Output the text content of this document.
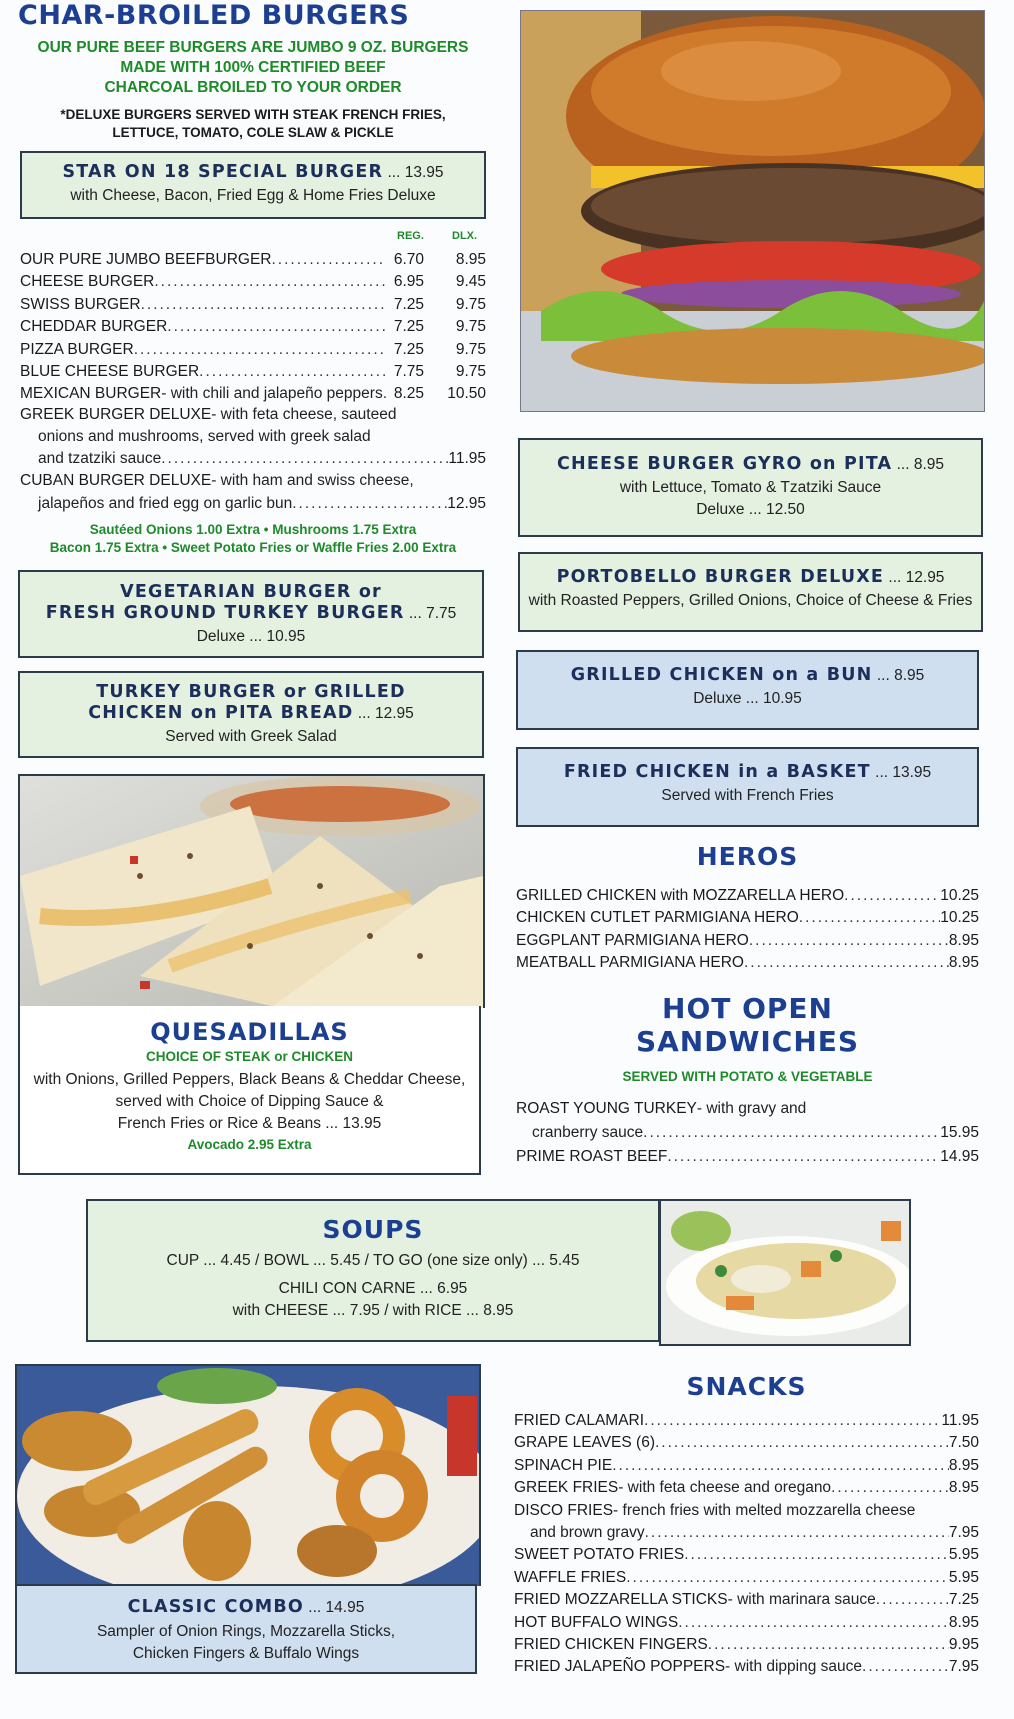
CHAR-BROILED BURGERS
OUR PURE BEEF BURGERS ARE JUMBO 9 OZ. BURGERS
MADE WITH 100% CERTIFIED BEEF
CHARCOAL BROILED TO YOUR ORDER
*DELUXE BURGERS SERVED WITH STEAK FRENCH FRIES,
LETTUCE, TOMATO, COLE SLAW & PICKLE
STAR ON 18 SPECIAL BURGER ... 13.95
with Cheese, Bacon, Fried Egg & Home Fries Deluxe
REG.	DLX.
OUR PURE JUMBO BEEFBURGER .....	6.70	8.95
CHEESE BURGER .....	6.95	9.45
SWISS BURGER .....	7.25	9.75
CHEDDAR BURGER .....	7.25	9.75
PIZZA BURGER .....	7.25	9.75
BLUE CHEESE BURGER .....	7.75	9.75
MEXICAN BURGER - with chili and jalapeño peppers ..... 8.25	10.50
GREEK BURGER DELUXE - with feta cheese, sauteed
onions and mushrooms, served with greek salad
and tzatziki sauce .....	11.95
CUBAN BURGER DELUXE - with ham and swiss cheese,
jalapeños and fried egg on garlic bun .....	12.95
Sautéed Onions 1.00 Extra • Mushrooms 1.75 Extra
Bacon 1.75 Extra • Sweet Potato Fries or Waffle Fries 2.00 Extra
VEGETARIAN BURGER or
FRESH GROUND TURKEY BURGER ... 7.75
Deluxe ... 10.95
TURKEY BURGER or GRILLED
CHICKEN on PITA BREAD ... 12.95
Served with Greek Salad
QUESADILLAS
CHOICE OF STEAK or CHICKEN
with Onions, Grilled Peppers, Black Beans & Cheddar Cheese,
served with Choice of Dipping Sauce &
French Fries or Rice & Beans ... 13.95
Avocado 2.95 Extra
CHEESE BURGER GYRO on PITA ... 8.95
with Lettuce, Tomato & Tzatziki Sauce
Deluxe ... 12.50
PORTOBELLO BURGER DELUXE ... 12.95
with Roasted Peppers, Grilled Onions, Choice of Cheese & Fries
GRILLED CHICKEN on a BUN ... 8.95
Deluxe ... 10.95
FRIED CHICKEN in a BASKET ... 13.95
Served with French Fries
HEROS
GRILLED CHICKEN with MOZZARELLA HERO .....	10.25
CHICKEN CUTLET PARMIGIANA HERO .....	10.25
EGGPLANT PARMIGIANA HERO .....	8.95
MEATBALL PARMIGIANA HERO .....	8.95
HOT OPEN
SANDWICHES
SERVED WITH POTATO & VEGETABLE
ROAST YOUNG TURKEY - with gravy and
cranberry sauce .....	15.95
PRIME ROAST BEEF .....	14.95
SOUPS
CUP ... 4.45 / BOWL ... 5.45 / TO GO (one size only) ... 5.45
CHILI CON CARNE ... 6.95
with CHEESE ... 7.95 / with RICE ... 8.95
CLASSIC COMBO ... 14.95
Sampler of Onion Rings, Mozzarella Sticks,
Chicken Fingers & Buffalo Wings
SNACKS
FRIED CALAMARI .....	11.95
GRAPE LEAVES (6) .....	7.50
SPINACH PIE .....	8.95
GREEK FRIES - with feta cheese and oregano .....	8.95
DISCO FRIES - french fries with melted mozzarella cheese
and brown gravy .....	7.95
SWEET POTATO FRIES .....	5.95
WAFFLE FRIES .....	5.95
FRIED MOZZARELLA STICKS - with marinara sauce .....	7.25
HOT BUFFALO WINGS .....	8.95
FRIED CHICKEN FINGERS .....	9.95
FRIED JALAPEÑO POPPERS - with dipping sauce .....	7.95
